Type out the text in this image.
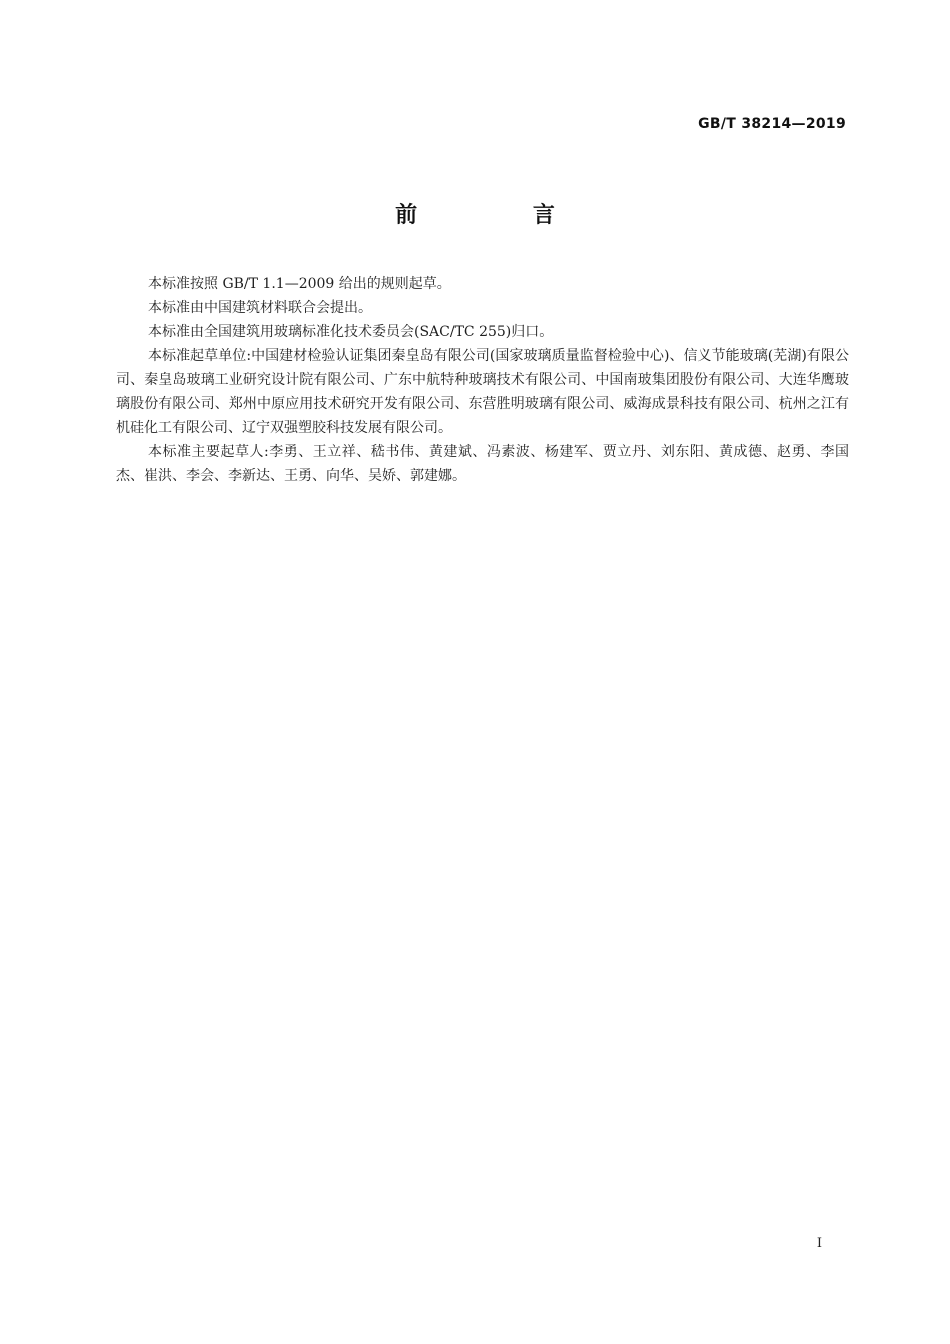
GB/T 38214—2019
前 言

本标准按照 GB/T 1.1—2009 给出的规则起草。

本标准由中国建筑材料联合会提出。

本标准由全国建筑用玻璃标准化技术委员会(SAC/TC 255)归口。

本标准起草单位:中国建材检验认证集团秦皇岛有限公司(国家玻璃质量监督检验中心)、信义节能玻璃(芜湖)有限公司、秦皇岛玻璃工业研究设计院有限公司、广东中航特种玻璃技术有限公司、中国南玻集团股份有限公司、大连华鹰玻璃股份有限公司、郑州中原应用技术研究开发有限公司、东营胜明玻璃有限公司、威海成景科技有限公司、杭州之江有机硅化工有限公司、辽宁双强塑胶科技发展有限公司。

本标准主要起草人:李勇、王立祥、嵇书伟、黄建斌、冯素波、杨建军、贾立丹、刘东阳、黄成德、赵勇、李国杰、崔洪、李会、李新达、王勇、向华、吴娇、郭建娜。

I
